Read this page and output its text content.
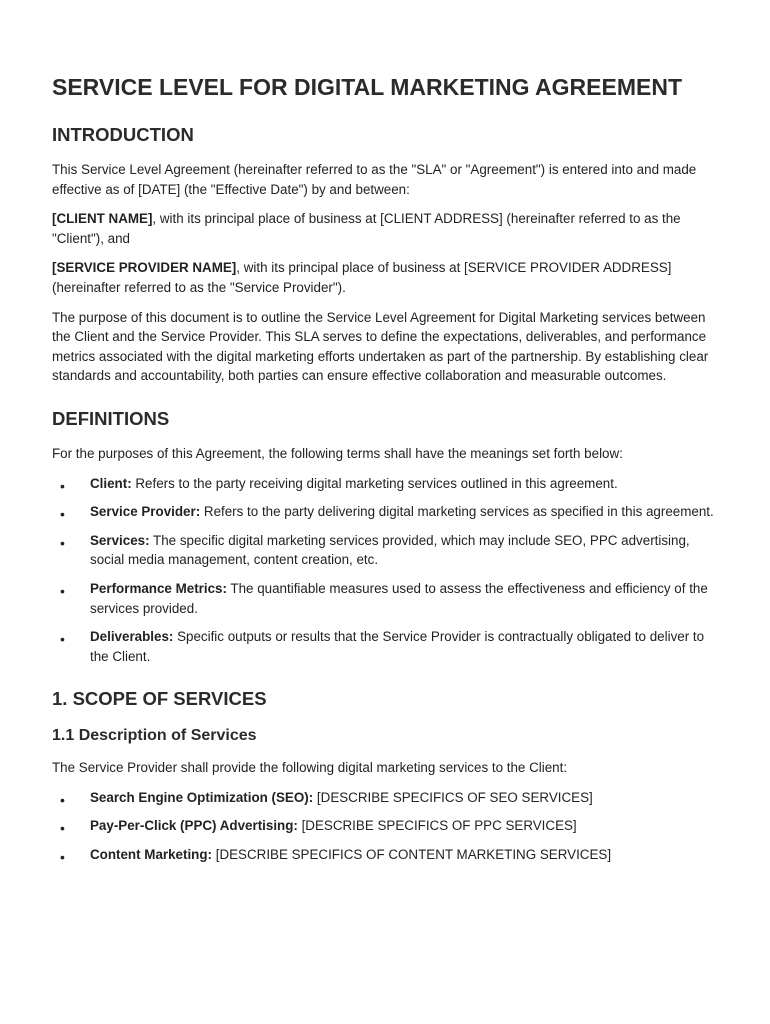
SERVICE LEVEL FOR DIGITAL MARKETING AGREEMENT
INTRODUCTION

This Service Level Agreement (hereinafter referred to as the "SLA" or "Agreement") is entered into and made effective as of [DATE] (the "Effective Date") by and between:

[CLIENT NAME], with its principal place of business at [CLIENT ADDRESS] (hereinafter referred to as the "Client"), and

[SERVICE PROVIDER NAME], with its principal place of business at [SERVICE PROVIDER ADDRESS] (hereinafter referred to as the "Service Provider").

The purpose of this document is to outline the Service Level Agreement for Digital Marketing services between the Client and the Service Provider. This SLA serves to define the expectations, deliverables, and performance metrics associated with the digital marketing efforts undertaken as part of the partnership. By establishing clear standards and accountability, both parties can ensure effective collaboration and measurable outcomes.

DEFINITIONS

For the purposes of this Agreement, the following terms shall have the meanings set forth below:

• Client: Refers to the party receiving digital marketing services outlined in this agreement.
• Service Provider: Refers to the party delivering digital marketing services as specified in this agreement.
• Services: The specific digital marketing services provided, which may include SEO, PPC advertising, social media management, content creation, etc.
• Performance Metrics: The quantifiable measures used to assess the effectiveness and efficiency of the services provided.
• Deliverables: Specific outputs or results that the Service Provider is contractually obligated to deliver to the Client.
1. SCOPE OF SERVICES
1.1 Description of Services

The Service Provider shall provide the following digital marketing services to the Client:

• Search Engine Optimization (SEO): [DESCRIBE SPECIFICS OF SEO SERVICES]
• Pay-Per-Click (PPC) Advertising: [DESCRIBE SPECIFICS OF PPC SERVICES]
• Content Marketing: [DESCRIBE SPECIFICS OF CONTENT MARKETING SERVICES]
